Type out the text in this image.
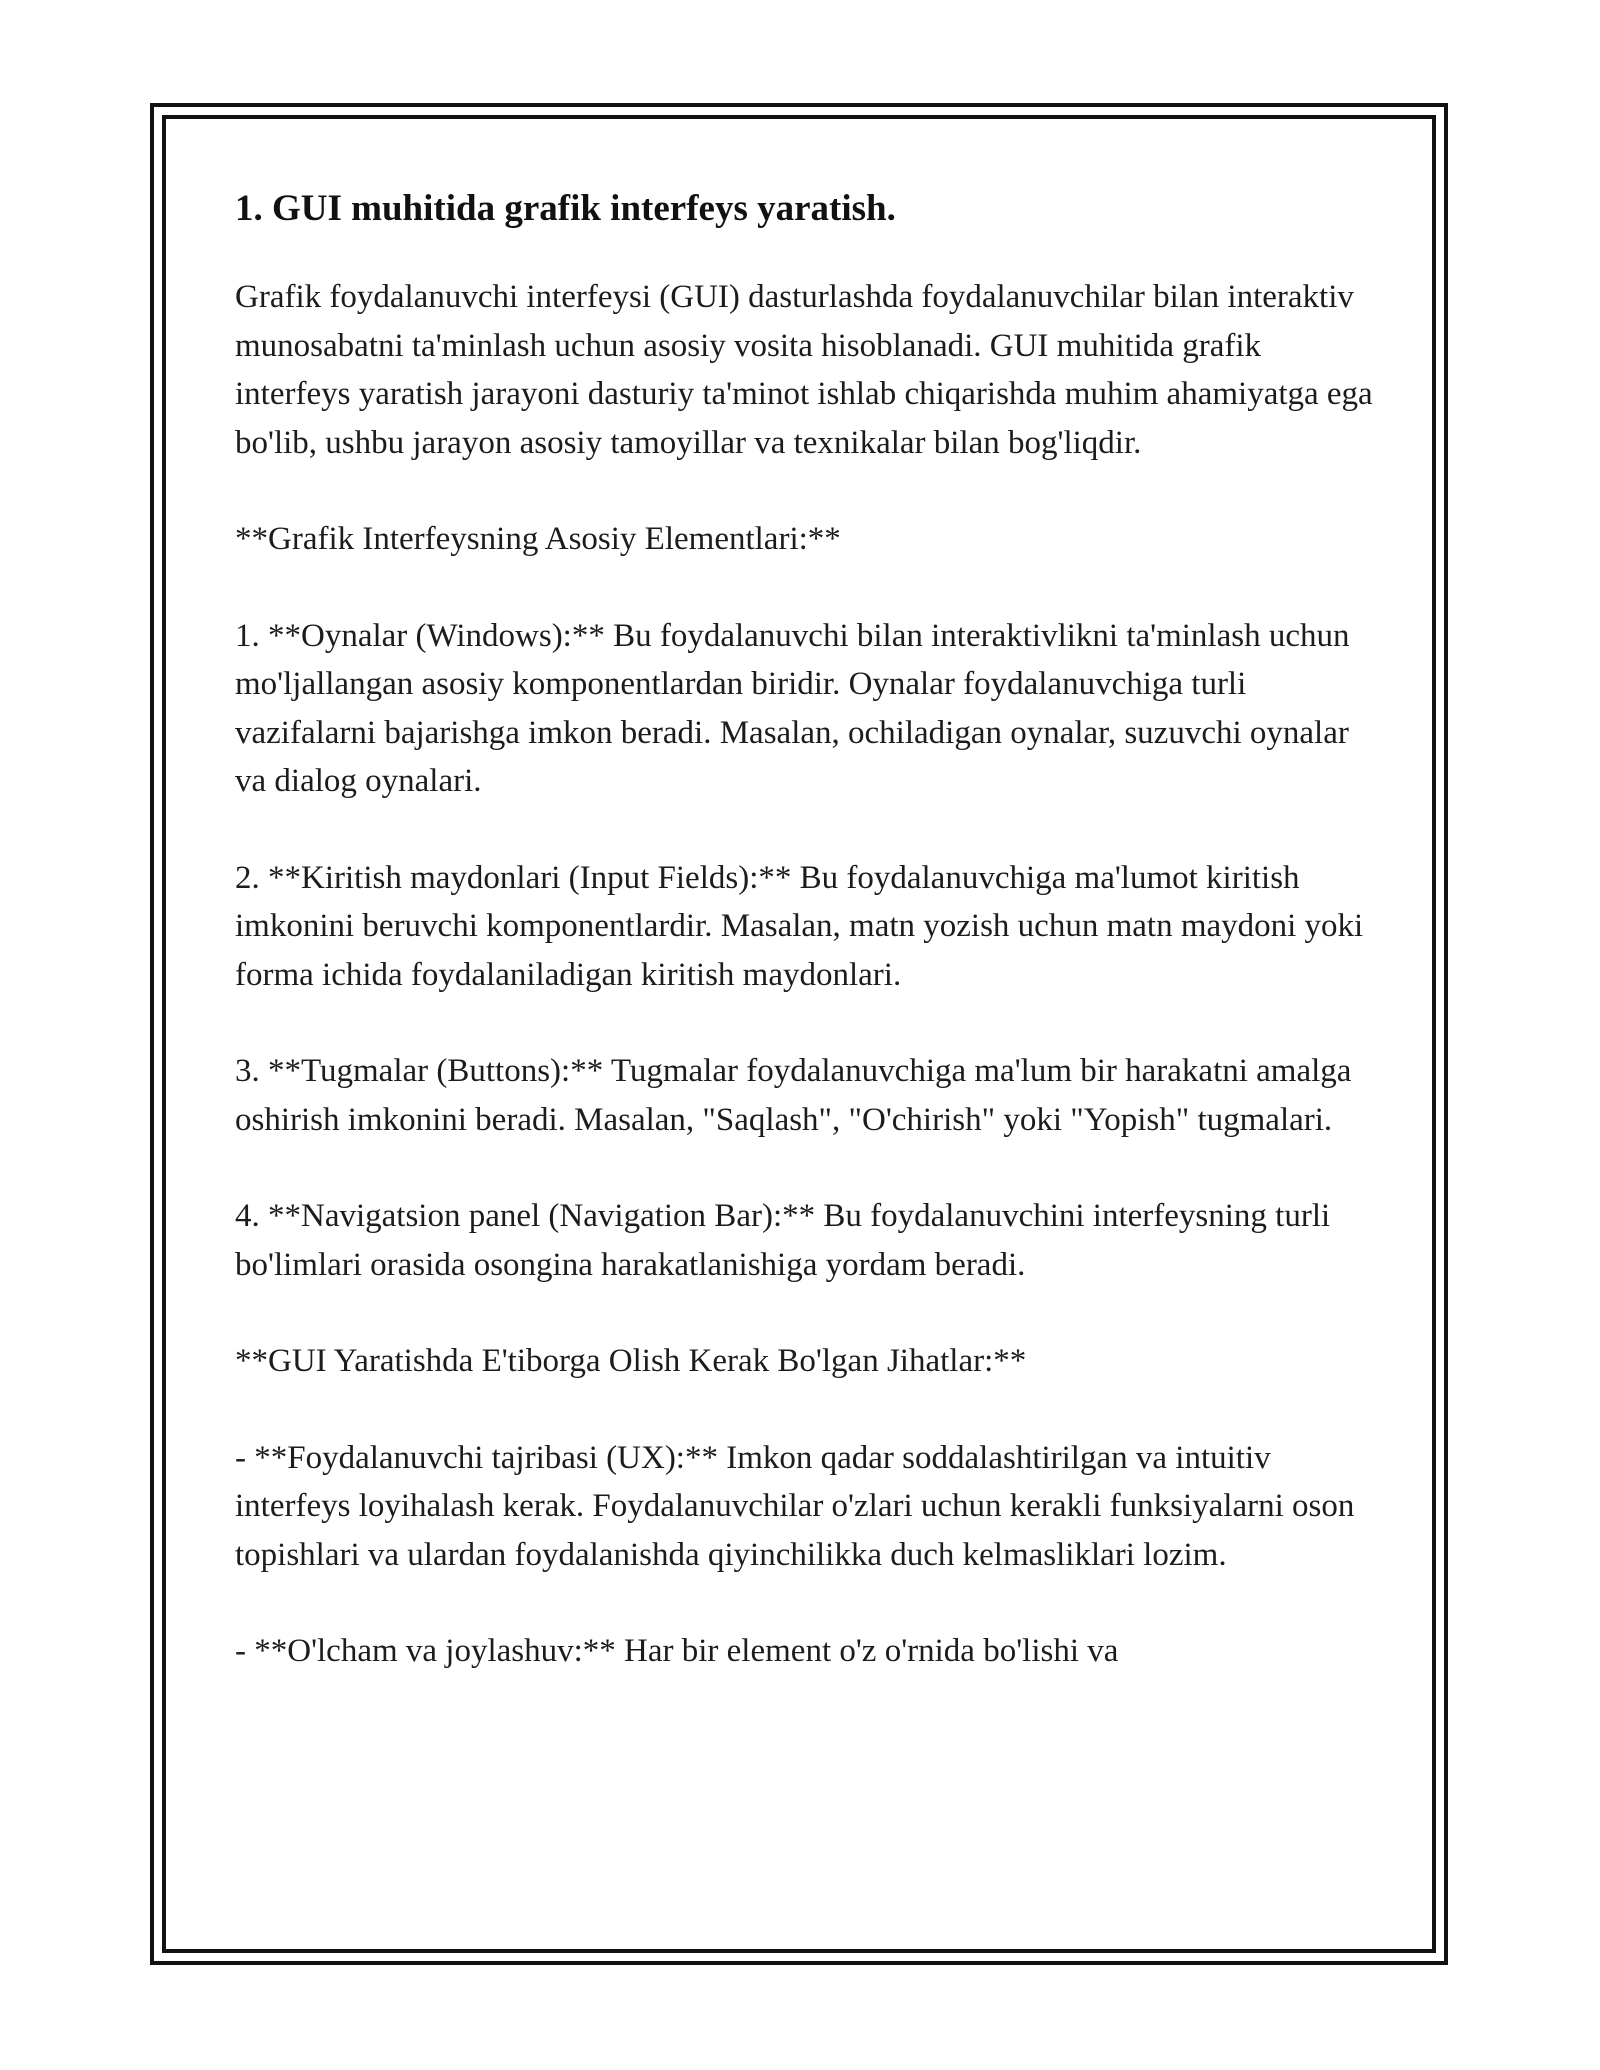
1. GUI muhitida grafik interfeys yaratish.

Grafik foydalanuvchi interfeysi (GUI) dasturlashda foydalanuvchilar bilan interaktiv munosabatni ta'minlash uchun asosiy vosita hisoblanadi. GUI muhitida grafik interfeys yaratish jarayoni dasturiy ta'minot ishlab chiqarishda muhim ahamiyatga ega bo'lib, ushbu jarayon asosiy tamoyillar va texnikalar bilan bog'liqdir.

**Grafik Interfeysning Asosiy Elementlari:**

1. **Oynalar (Windows):** Bu foydalanuvchi bilan interaktivlikni ta'minlash uchun mo'ljallangan asosiy komponentlardan biridir. Oynalar foydalanuvchiga turli vazifalarni bajarishga imkon beradi. Masalan, ochiladigan oynalar, suzuvchi oynalar va dialog oynalari.

2. **Kiritish maydonlari (Input Fields):** Bu foydalanuvchiga ma'lumot kiritish imkonini beruvchi komponentlardir. Masalan, matn yozish uchun matn maydoni yoki forma ichida foydalaniladigan kiritish maydonlari.

3. **Tugmalar (Buttons):** Tugmalar foydalanuvchiga ma'lum bir harakatni amalga oshirish imkonini beradi. Masalan, "Saqlash", "O'chirish" yoki "Yopish" tugmalari.

4. **Navigatsion panel (Navigation Bar):** Bu foydalanuvchini interfeysning turli bo'limlari orasida osongina harakatlanishiga yordam beradi.

**GUI Yaratishda E'tiborga Olish Kerak Bo'lgan Jihatlar:**

- **Foydalanuvchi tajribasi (UX):** Imkon qadar soddalashtirilgan va intuitiv interfeys loyihalash kerak. Foydalanuvchilar o'zlari uchun kerakli funksiyalarni oson topishlari va ulardan foydalanishda qiyinchilikka duch kelmasliklari lozim.

- **O'lcham va joylashuv:** Har bir element o'z o'rnida bo'lishi va
